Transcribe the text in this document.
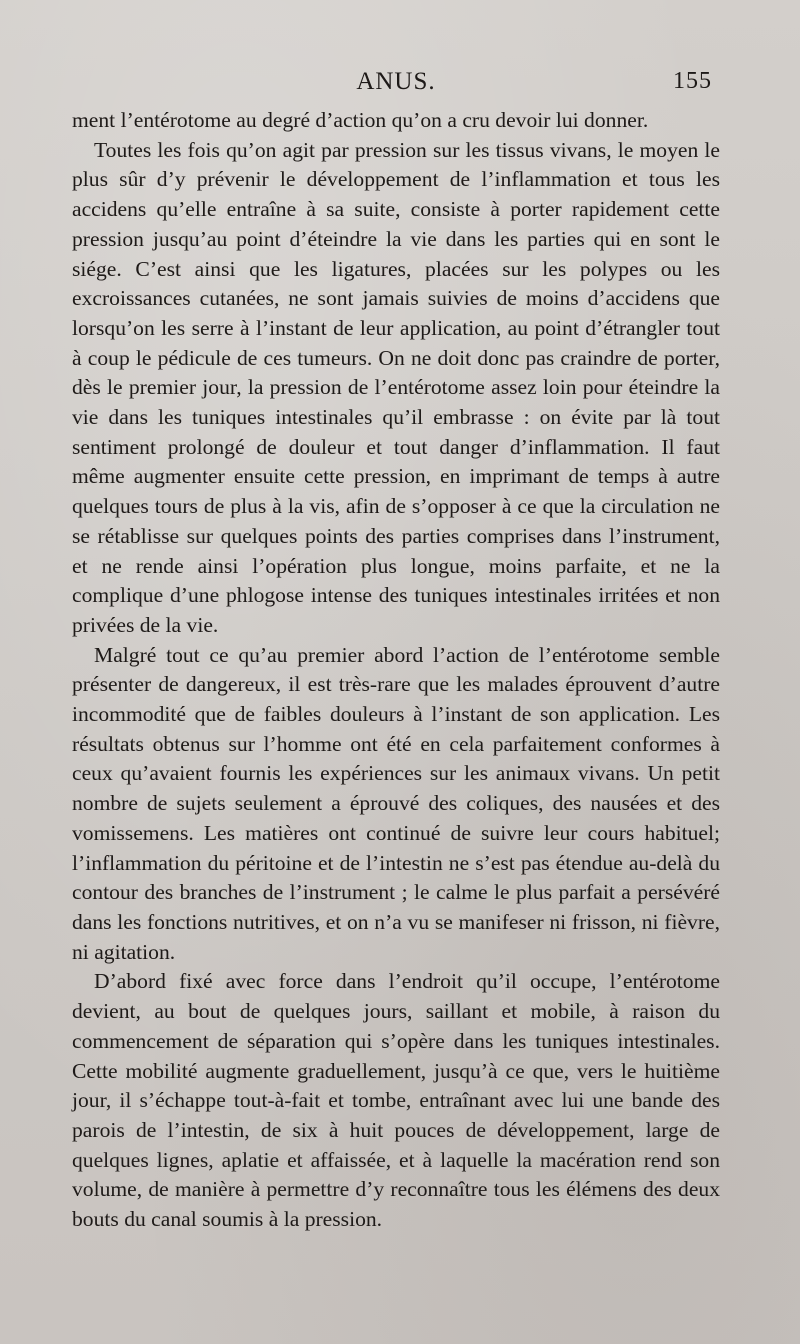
ANUS.	155

ment l’entérotome au degré d’action qu’on a cru devoir lui donner.

Toutes les fois qu’on agit par pression sur les tissus vivans, le moyen le plus sûr d’y prévenir le développement de l’inflammation et tous les accidens qu’elle entraîne à sa suite, consiste à porter rapidement cette pression jusqu’au point d’éteindre la vie dans les parties qui en sont le siége. C’est ainsi que les ligatures, placées sur les polypes ou les excroissances cutanées, ne sont jamais suivies de moins d’accidens que lorsqu’on les serre à l’instant de leur application, au point d’étrangler tout à coup le pédicule de ces tumeurs. On ne doit donc pas craindre de porter, dès le premier jour, la pression de l’entérotome assez loin pour éteindre la vie dans les tuniques intestinales qu’il embrasse : on évite par là tout sentiment prolongé de douleur et tout danger d’inflammation. Il faut même augmenter ensuite cette pression, en imprimant de temps à autre quelques tours de plus à la vis, afin de s’opposer à ce que la circulation ne se rétablisse sur quelques points des parties comprises dans l’instrument, et ne rende ainsi l’opération plus longue, moins parfaite, et ne la complique d’une phlogose intense des tuniques intestinales irritées et non privées de la vie.

Malgré tout ce qu’au premier abord l’action de l’entérotome semble présenter de dangereux, il est très-rare que les malades éprouvent d’autre incommodité que de faibles douleurs à l’instant de son application. Les résultats obtenus sur l’homme ont été en cela parfaitement conformes à ceux qu’avaient fournis les expériences sur les animaux vivans. Un petit nombre de sujets seulement a éprouvé des coliques, des nausées et des vomissemens. Les matières ont continué de suivre leur cours habituel; l’inflammation du péritoine et de l’intestin ne s’est pas étendue au-delà du contour des branches de l’instrument ; le calme le plus parfait a persévéré dans les fonctions nutritives, et on n’a vu se manifeser ni frisson, ni fièvre, ni agitation.

D’abord fixé avec force dans l’endroit qu’il occupe, l’entérotome devient, au bout de quelques jours, saillant et mobile, à raison du commencement de séparation qui s’opère dans les tuniques intestinales. Cette mobilité augmente graduellement, jusqu’à ce que, vers le huitième jour, il s’échappe tout-à-fait et tombe, entraînant avec lui une bande des parois de l’intestin, de six à huit pouces de développement, large de quelques lignes, aplatie et affaissée, et à laquelle la macération rend son volume, de manière à permettre d’y reconnaître tous les élémens des deux bouts du canal soumis à la pression.
